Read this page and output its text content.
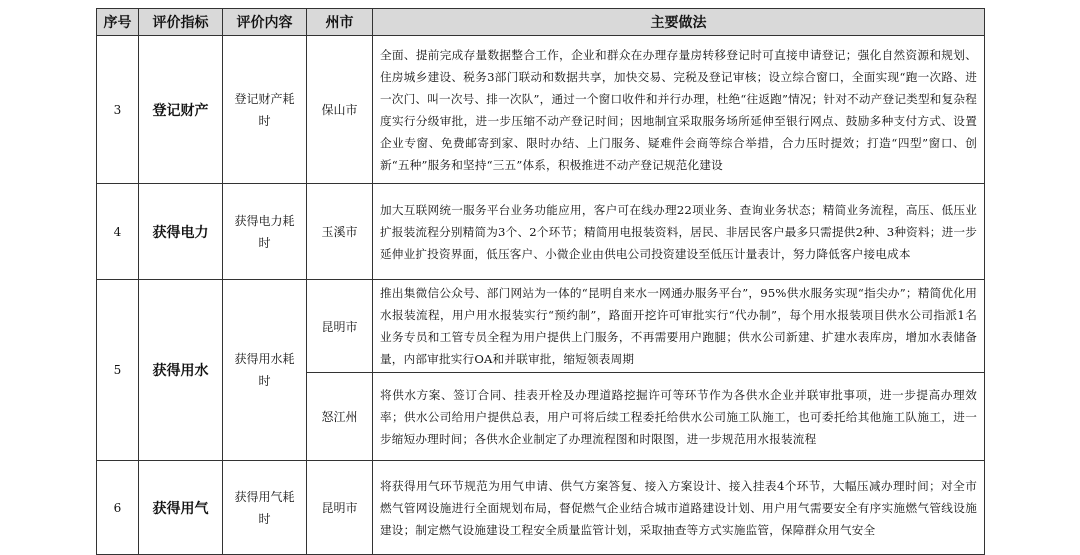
序号	评价指标	评价内容	州市	主要做法
3	登记财产	登记财产耗时	保山市	全面、提前完成存量数据整合工作，企业和群众在办理存量房转移登记时可直接申请登记；强化自然资源和规划、住房城乡建设、税务3部门联动和数据共享，加快交易、完税及登记审核；设立综合窗口，全面实现“跑一次路、进一次门、叫一次号、排一次队”，通过一个窗口收件和并行办理，杜绝“往返跑”情况；针对不动产登记类型和复杂程度实行分级审批，进一步压缩不动产登记时间；因地制宜采取服务场所延伸至银行网点、鼓励多种支付方式、设置企业专窗、免费邮寄到家、限时办结、上门服务、疑难件会商等综合举措，合力压时提效；打造“四型”窗口、创新“五种”服务和坚持“三五”体系，积极推进不动产登记规范化建设
4	获得电力	获得电力耗时	玉溪市	加大互联网统一服务平台业务功能应用，客户可在线办理22项业务、查询业务状态；精简业务流程，高压、低压业扩报装流程分别精简为3个、2个环节；精简用电报装资料，居民、非居民客户最多只需提供2种、3种资料；进一步延伸业扩投资界面，低压客户、小微企业由供电公司投资建设至低压计量表计，努力降低客户接电成本
5	获得用水	获得用水耗时	昆明市	推出集微信公众号、部门网站为一体的“昆明自来水一网通办服务平台”，95%供水服务实现“指尖办”；精简优化用水报装流程，用户用水报装实行“预约制”，路面开挖许可审批实行“代办制”，每个用水报装项目供水公司指派1名业务专员和工管专员全程为用户提供上门服务，不再需要用户跑腿；供水公司新建、扩建水表库房，增加水表储备量，内部审批实行OA和并联审批，缩短领表周期
			怒江州	将供水方案、签订合同、挂表开栓及办理道路挖掘许可等环节作为各供水企业并联审批事项，进一步提高办理效率；供水公司给用户提供总表，用户可将后续工程委托给供水公司施工队施工，也可委托给其他施工队施工，进一步缩短办理时间；各供水企业制定了办理流程图和时限图，进一步规范用水报装流程
6	获得用气	获得用气耗时	昆明市	将获得用气环节规范为用气申请、供气方案答复、接入方案设计、接入挂表4个环节，大幅压减办理时间；对全市燃气管网设施进行全面规划布局，督促燃气企业结合城市道路建设计划、用户用气需要安全有序实施燃气管线设施建设；制定燃气设施建设工程安全质量监管计划，采取抽查等方式实施监管，保障群众用气安全
